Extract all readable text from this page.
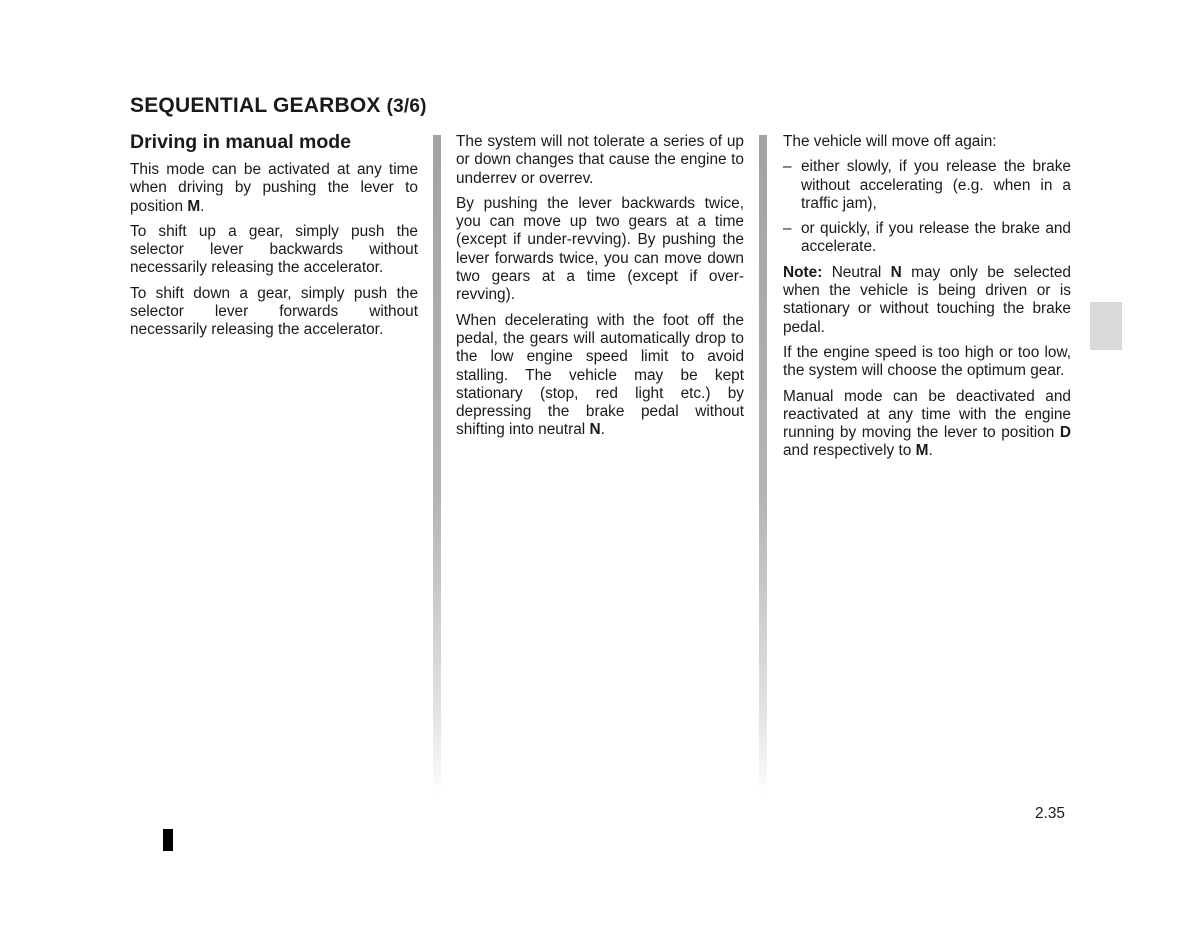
SEQUENTIAL GEARBOX (3/6)
Driving in manual mode

This mode can be activated at any time when driving by pushing the lever to position M.

To shift up a gear, simply push the selector lever backwards without necessarily releasing the accelerator.

To shift down a gear, simply push the selector lever forwards without necessarily releasing the accelerator.

The system will not tolerate a series of up or down changes that cause the engine to underrev or overrev.

By pushing the lever backwards twice, you can move up two gears at a time (except if under-revving). By pushing the lever forwards twice, you can move down two gears at a time (except if over-revving).

When decelerating with the foot off the pedal, the gears will automatically drop to the low engine speed limit to avoid stalling. The vehicle may be kept stationary (stop, red light etc.) by depressing the brake pedal without shifting into neutral N.

The vehicle will move off again:

– either slowly, if you release the brake without accelerating (e.g. when in a traffic jam),
– or quickly, if you release the brake and accelerate.

Note: Neutral N may only be selected when the vehicle is being driven or is stationary or without touching the brake pedal.

If the engine speed is too high or too low, the system will choose the optimum gear.

Manual mode can be deactivated and reactivated at any time with the engine running by moving the lever to position D and respectively to M.

2.35
